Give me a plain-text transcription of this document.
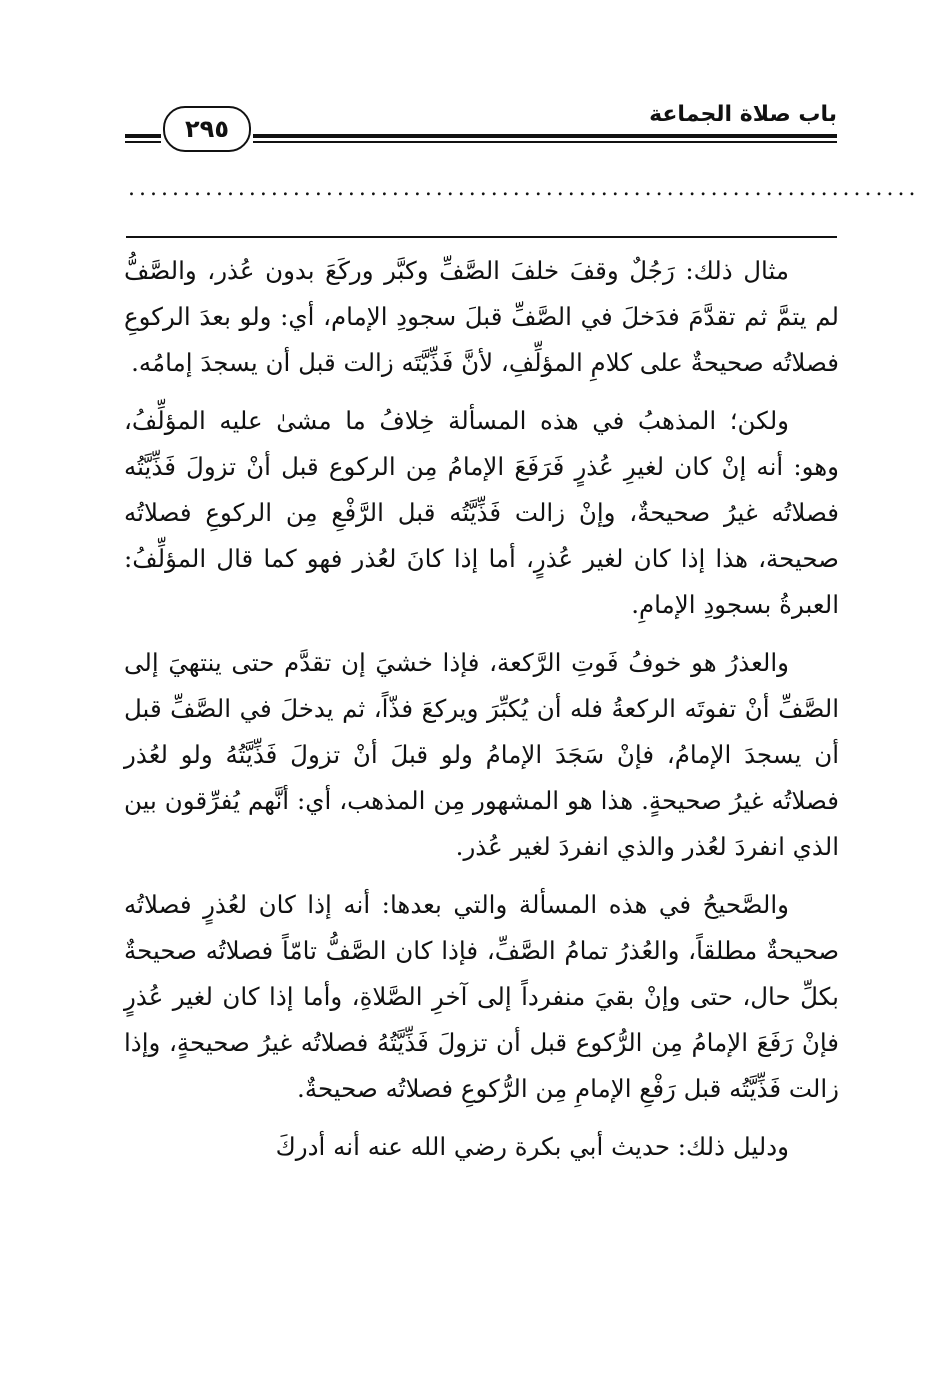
باب صلاة الجماعة
٢٩٥
........................................................................

مثال ذلك: رَجُلٌ وقفَ خلفَ الصَّفِّ وكبَّر وركَعَ بدون عُذر، والصَّفُّ لم يتمَّ ثم تقدَّمَ فدَخلَ في الصَّفِّ قبلَ سجودِ الإمام، أي: ولو بعدَ الركوعِ فصلاتُه صحيحةٌ على كلامِ المؤلِّفِ، لأنَّ فَذِّيَّتَه زالت قبل أن يسجدَ إمامُه.

ولكن؛ المذهبُ في هذه المسألة خِلافُ ما مشىٰ عليه المؤلِّفُ، وهو: أنه إنْ كان لغيرِ عُذرٍ فَرَفَعَ الإمامُ مِن الركوع قبل أنْ تزولَ فَذِّيَّتُه فصلاتُه غيرُ صحيحةٌ، وإنْ زالت فَذِّيَّتُه قبل الرَّفْعِ مِن الركوعِ فصلاتُه صحيحة، هذا إذا كان لغير عُذرٍ، أما إذا كانَ لعُذر فهو كما قال المؤلِّفُ: العبرةُ بسجودِ الإمامِ.

والعذرُ هو خوفُ فَوتِ الرَّكعة، فإذا خشيَ إن تقدَّم حتى ينتهيَ إلى الصَّفِّ أنْ تفوتَه الركعةُ فله أن يُكبِّرَ ويركعَ فذّاً، ثم يدخلَ في الصَّفِّ قبل أن يسجدَ الإمامُ، فإنْ سَجَدَ الإمامُ ولو قبلَ أنْ تزولَ فَذِّيَّتُهُ ولو لعُذر فصلاتُه غيرُ صحيحةٍ. هذا هو المشهور مِن المذهب، أي: أنَّهم يُفرِّقون بين الذي انفردَ لعُذر والذي انفردَ لغير عُذر.

والصَّحيحُ في هذه المسألة والتي بعدها: أنه إذا كان لعُذرٍ فصلاتُه صحيحةٌ مطلقاً، والعُذرُ تمامُ الصَّفِّ، فإذا كان الصَّفُّ تامّاً فصلاتُه صحيحةٌ بكلِّ حال، حتى وإنْ بقيَ منفرداً إلى آخرِ الصَّلاةِ، وأما إذا كان لغير عُذرٍ فإنْ رَفَعَ الإمامُ مِن الرُّكوع قبل أن تزولَ فَذِّيَّتُهُ فصلاتُه غيرُ صحيحةٍ، وإذا زالت فَذِّيَّتُه قبل رَفْعِ الإمامِ مِن الرُّكوعِ فصلاتُه صحيحةٌ.

ودليل ذلك: حديث أبي بكرة رضي الله عنه أنه أدركَ
